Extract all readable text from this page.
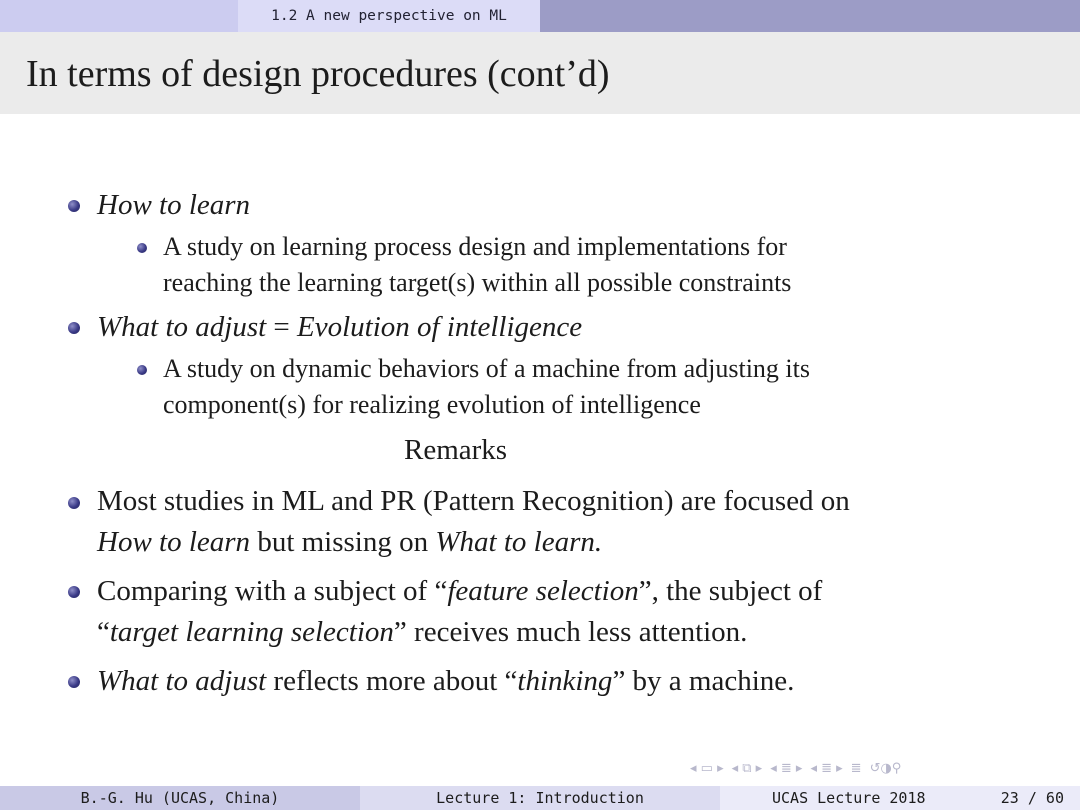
1.2 A new perspective on ML
In terms of design procedures (cont’d)
How to learn
A study on learning process design and implementations for
reaching the learning target(s) within all possible constraints
What to adjust = Evolution of intelligence
A study on dynamic behaviors of a machine from adjusting its
component(s) for realizing evolution of intelligence
Remarks
Most studies in ML and PR (Pattern Recognition) are focused on
How to learn but missing on What to learn.
Comparing with a subject of “feature selection”, the subject of
“target learning selection” receives much less attention.
What to adjust reflects more about “thinking” by a machine.
◂ ▭ ▸ ◂ ⧉ ▸ ◂ ≣ ▸ ◂ ≣ ▸ ≣ ↺◑⚲
B.-G. Hu (UCAS, China)	Lecture 1: Introduction	UCAS Lecture 2018	23 / 60
